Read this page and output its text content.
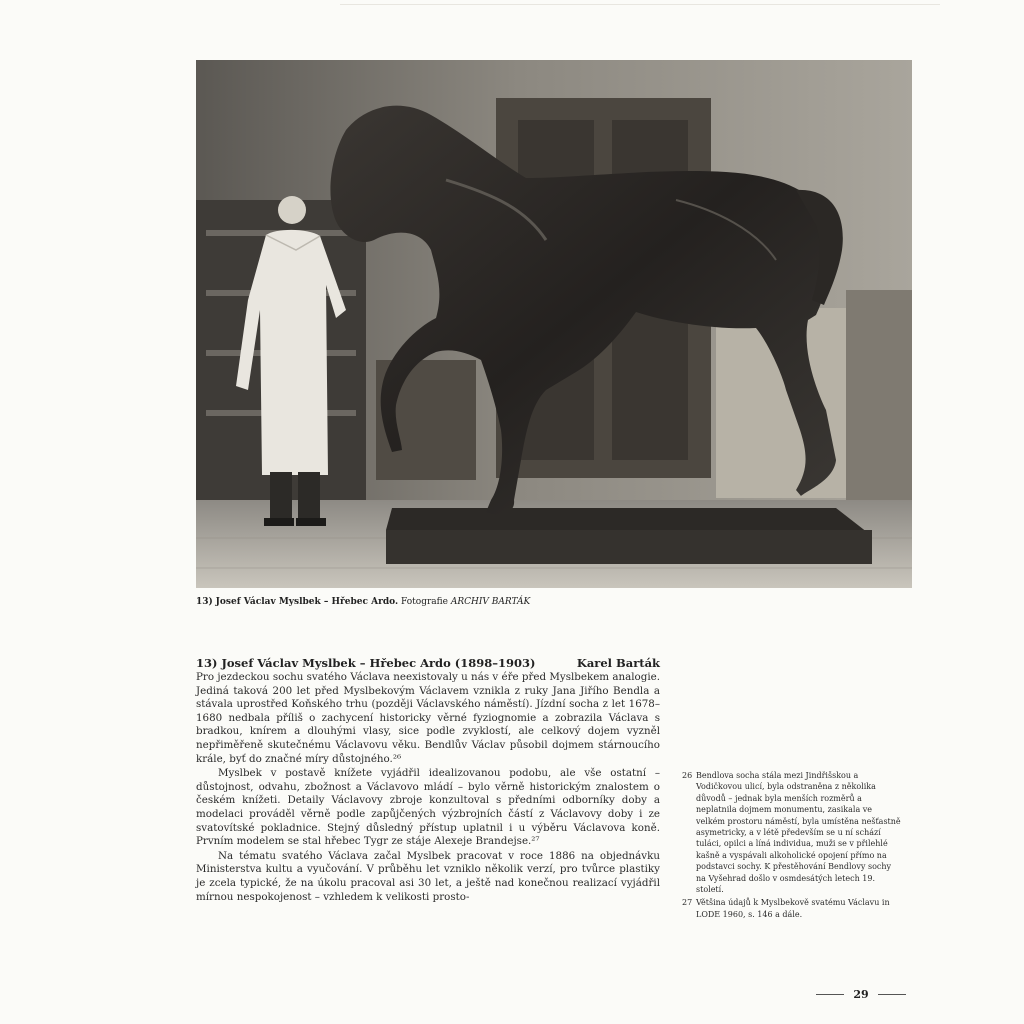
13) Josef Václav Myslbek – Hřebec Ardo. Fotografie ARCHIV BARTÁK
13) Josef Václav Myslbek – Hřebec Ardo (1898–1903)	Karel Barták

Pro jezdeckou sochu svatého Václava neexistovaly u nás v éře před Myslbekem analogie. Jediná taková 200 let před Myslbekovým Václavem vznikla z ruky Jana Jiřího Bendla a stávala uprostřed Koňského trhu (později Václavského náměstí). Jízdní socha z let 1678–1680 nedbala příliš o zachycení historicky věrné fyziognomie a zobrazila Václava s bradkou, knírem a dlouhými vlasy, sice podle zvyklostí, ale celkový dojem vyzněl nepřiměřeně skutečnému Václavovu věku. Bendlův Václav působil dojmem stárnoucího krále, byť do značné míry důstojného.²⁶

Myslbek v postavě knížete vyjádřil idealizovanou podobu, ale vše ostatní – důstojnost, odvahu, zbožnost a Václavovo mládí – bylo věrně historickým znalostem o českém knížeti. Detaily Václavovy zbroje konzultoval s předními odborníky doby a modelaci prováděl věrně podle zapůjčených výzbrojních částí z Václavovy doby i ze svatovítské pokladnice. Stejný důsledný přístup uplatnil i u výběru Václavova koně. Prvním modelem se stal hřebec Tygr ze stáje Alexeje Brandejse.²⁷

Na tématu svatého Václava začal Myslbek pracovat v roce 1886 na objednávku Ministerstva kultu a vyučování. V průběhu let vzniklo několik verzí, pro tvůrce plastiky je zcela typické, že na úkolu pracoval asi 30 let, a ještě nad konečnou realizací vyjádřil mírnou nespokojenost – vzhledem k velikosti prosto-

26 Bendlova socha stála mezi Jindřišskou a Vodičkovou ulicí, byla odstraněna z několika důvodů – jednak byla menších rozměrů a neplatnila dojmem monumentu, zasikala ve velkém prostoru náměstí, byla umístěna nešťastně asymetricky, a v létě především se u ní schází tuláci, opilci a líná individua, muži se v přilehlé kašně a vyspávali alkoholické opojení přímo na podstavci sochy. K přestěhování Bendlovy sochy na Vyšehrad došlo v osmdesátých letech 19. století.
27 Většina údajů k Myslbekově svatému Václavu in LODE 1960, s. 146 a dále.
29
